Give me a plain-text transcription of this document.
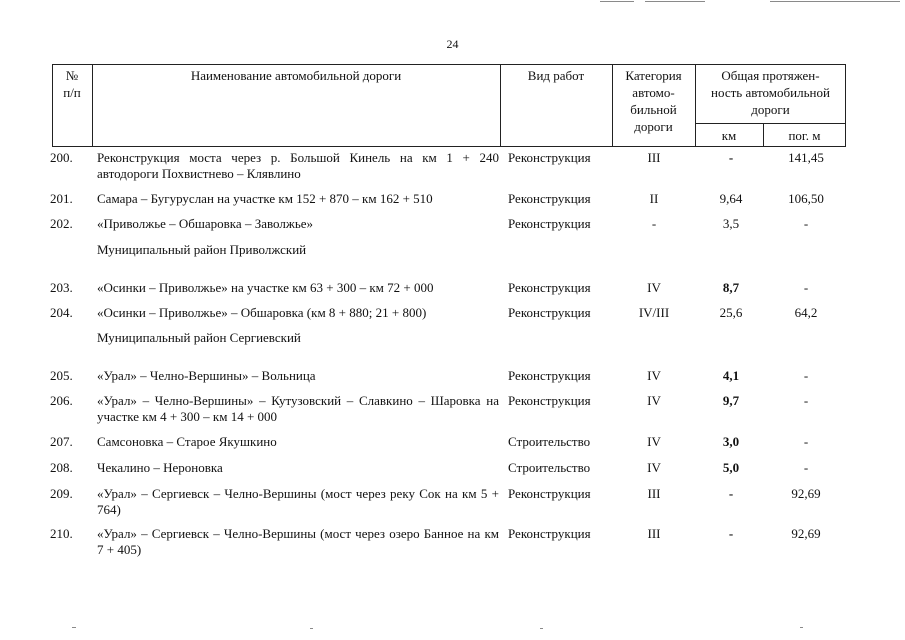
24
№
п/п
Наименование автомобильной дороги	Вид работ	Категория
автомо-
бильной
дороги
Общая протяжен-
ность автомобильной
дороги
км	пог. м
200.	Реконструкция моста через р. Большой Кинель на км 1 + 240 автодороги Похвистнево – Клявлино
Реконструкция	III	-	141,45
201.	Самара – Бугуруслан на участке км 152 + 870 – км 162 + 510	Реконструкция	II	9,64	106,50
202.	«Приволжье – Обшаровка – Заволжье»	Реконструкция	-	3,5	-
Муниципальный район Приволжский
203.	«Осинки – Приволжье» на участке км 63 + 300 – км 72 + 000	Реконструкция	IV	8,7	-
204.	«Осинки – Приволжье» – Обшаровка (км 8 + 880; 21 + 800)	Реконструкция	IV/III	25,6	64,2
Муниципальный район Сергиевский
205.	«Урал» – Челно-Вершины» – Вольница	Реконструкция	IV	4,1	-
206.	«Урал» – Челно-Вершины» – Кутузовский – Славкино – Шаровка на участке км 4 + 300 – км 14 + 000
Реконструкция	IV	9,7	-
207.	Самсоновка – Старое Якушкино	Строительство	IV	3,0	-
208.	Чекалино – Нероновка	Строительство	IV	5,0	-
209.	«Урал» – Сергиевск – Челно-Вершины (мост через реку Сок на км 5 + 764)
Реконструкция	III	-	92,69
210.	«Урал» – Сергиевск – Челно-Вершины (мост через озеро Банное на км 7 + 405)
Реконструкция	III	-	92,69
